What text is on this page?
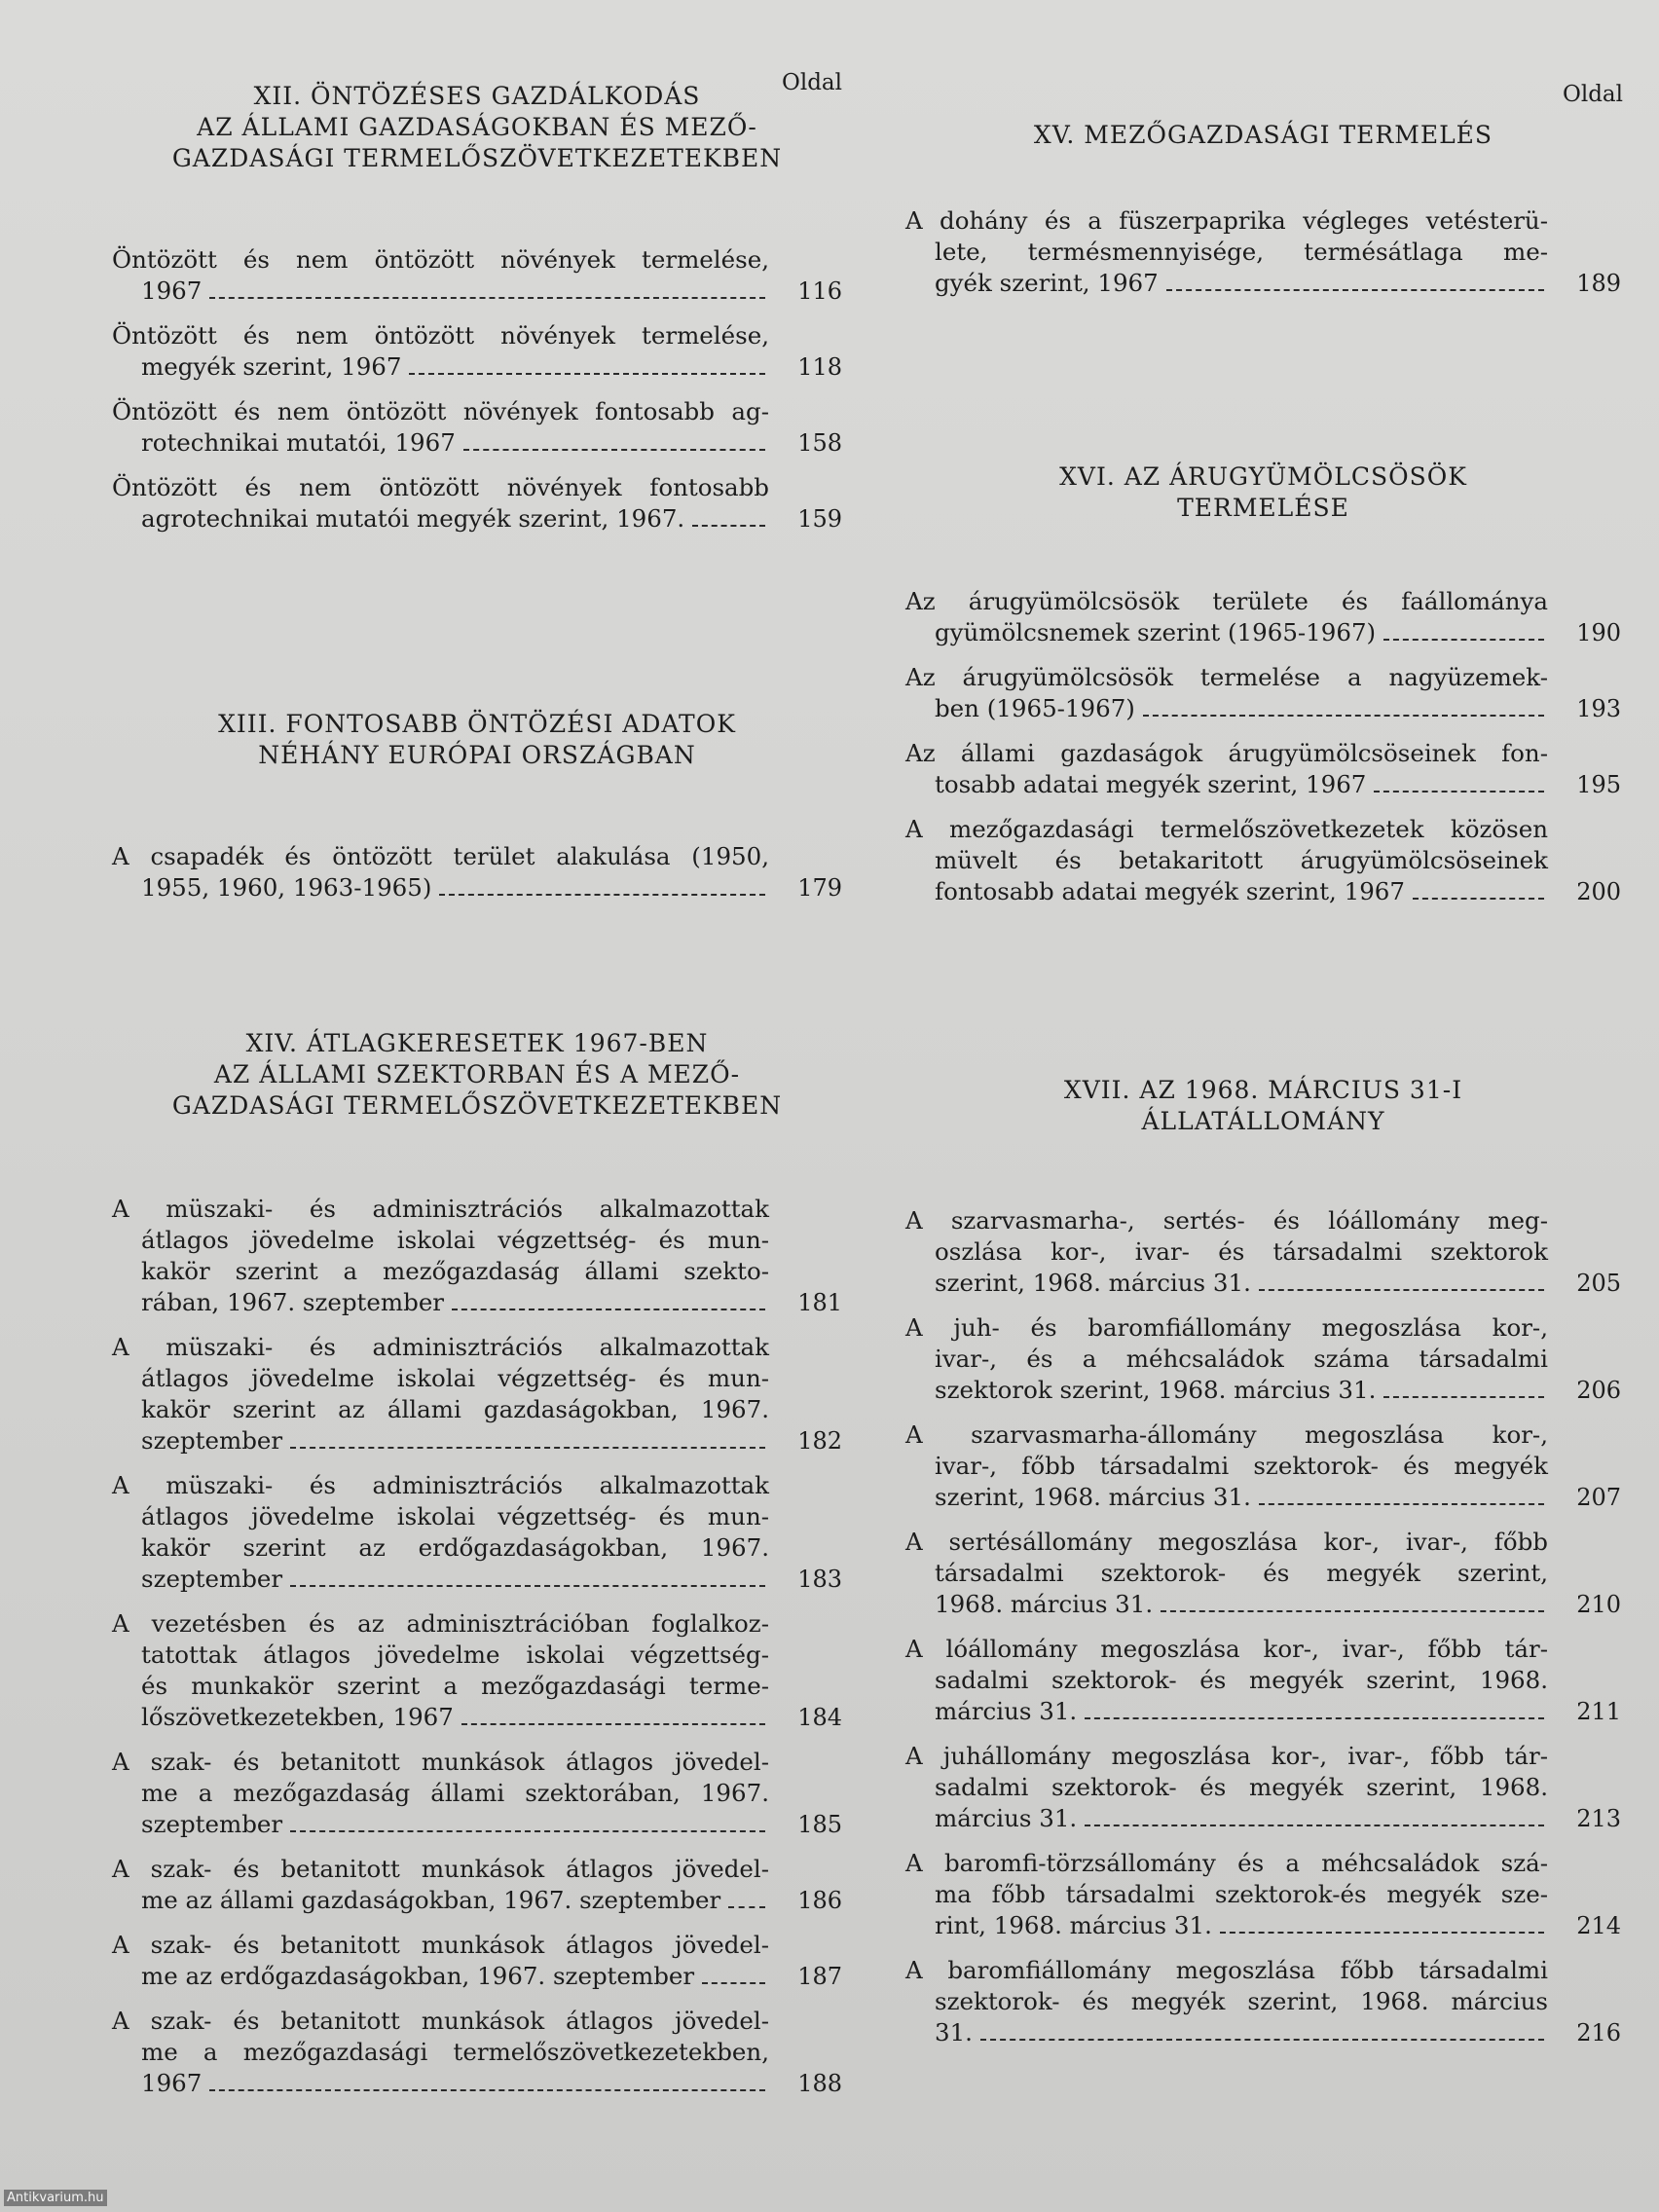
Oldal
XII. ÖNTÖZÉSES GAZDÁLKODÁS
AZ ÁLLAMI GAZDASÁGOKBAN ÉS MEZŐ-
GAZDASÁGI TERMELŐSZÖVETKEZETEKBEN
Öntözött és nem öntözött növények termelése,
1967	116
Öntözött és nem öntözött növények termelése,
megyék szerint, 1967	118
Öntözött és nem öntözött növények fontosabb ag-
rotechnikai mutatói, 1967	158
Öntözött és nem öntözött növények fontosabb
agrotechnikai mutatói megyék szerint, 1967.	159
XIII. FONTOSABB ÖNTÖZÉSI ADATOK
NÉHÁNY EURÓPAI ORSZÁGBAN
A csapadék és öntözött terület alakulása (1950,
1955, 1960, 1963-1965)	179
XIV. ÁTLAGKERESETEK 1967-BEN
AZ ÁLLAMI SZEKTORBAN ÉS A MEZŐ-
GAZDASÁGI TERMELŐSZÖVETKEZETEKBEN
A müszaki- és adminisztrációs alkalmazottak
átlagos jövedelme iskolai végzettség- és mun-
kakör szerint a mezőgazdaság állami szekto-
rában, 1967. szeptember	181
A müszaki- és adminisztrációs alkalmazottak
átlagos jövedelme iskolai végzettség- és mun-
kakör szerint az állami gazdaságokban, 1967.
szeptember	182
A müszaki- és adminisztrációs alkalmazottak
átlagos jövedelme iskolai végzettség- és mun-
kakör szerint az erdőgazdaságokban, 1967.
szeptember	183
A vezetésben és az adminisztrációban foglalkoz-
tatottak átlagos jövedelme iskolai végzettség-
és munkakör szerint a mezőgazdasági terme-
lőszövetkezetekben, 1967	184
A szak- és betanitott munkások átlagos jövedel-
me a mezőgazdaság állami szektorában, 1967.
szeptember	185
A szak- és betanitott munkások átlagos jövedel-
me az állami gazdaságokban, 1967. szeptember	186
A szak- és betanitott munkások átlagos jövedel-
me az erdőgazdaságokban, 1967. szeptember	187
A szak- és betanitott munkások átlagos jövedel-
me a mezőgazdasági termelőszövetkezetekben,
1967	188
Oldal
XV. MEZŐGAZDASÁGI TERMELÉS
A dohány és a füszerpaprika végleges vetésterü-
lete, termésmennyisége, termésátlaga me-
gyék szerint, 1967	189
XVI. AZ ÁRUGYÜMÖLCSÖSÖK
TERMELÉSE
Az árugyümölcsösök területe és faállománya
gyümölcsnemek szerint (1965-1967)	190
Az árugyümölcsösök termelése a nagyüzemek-
ben (1965-1967)	193
Az állami gazdaságok árugyümölcsöseinek fon-
tosabb adatai megyék szerint, 1967	195
A mezőgazdasági termelőszövetkezetek közösen
müvelt és betakaritott árugyümölcsöseinek
fontosabb adatai megyék szerint, 1967	200
XVII. AZ 1968. MÁRCIUS 31-I
ÁLLATÁLLOMÁNY
A szarvasmarha-, sertés- és lóállomány meg-
oszlása kor-, ivar- és társadalmi szektorok
szerint, 1968. március 31.	205
A juh- és baromfiállomány megoszlása kor-,
ivar-, és a méhcsaládok száma társadalmi
szektorok szerint, 1968. március 31.	206
A szarvasmarha-állomány megoszlása kor-,
ivar-, főbb társadalmi szektorok- és megyék
szerint, 1968. március 31.	207
A sertésállomány megoszlása kor-, ivar-, főbb
társadalmi szektorok- és megyék szerint,
1968. március 31.	210
A lóállomány megoszlása kor-, ivar-, főbb tár-
sadalmi szektorok- és megyék szerint, 1968.
március 31.	211
A juhállomány megoszlása kor-, ivar-, főbb tár-
sadalmi szektorok- és megyék szerint, 1968.
március 31.	213
A baromfi-törzsállomány és a méhcsaládok szá-
ma főbb társadalmi szektorok-és megyék sze-
rint, 1968. március 31.	214
A baromfiállomány megoszlása főbb társadalmi
szektorok- és megyék szerint, 1968. március
31.	216
Antikvarium.hu
